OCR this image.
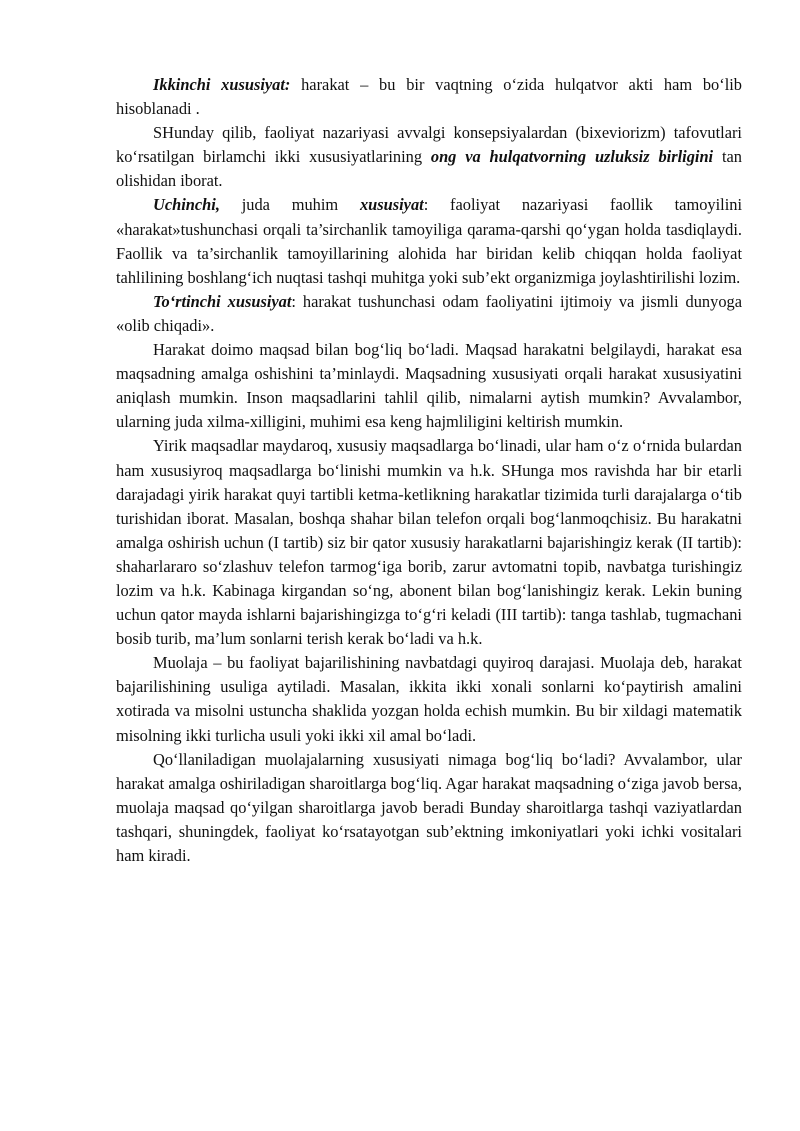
Ikkinchi xususiyat: harakat – bu bir vaqtning o‘zida hulqatvor akti ham bo‘lib hisoblanadi .

SHunday qilib, faoliyat nazariyasi avvalgi konsepsiyalardan (bixeviorizm) tafovutlari ko‘rsatilgan birlamchi ikki xususiyatlarining ong va hulqatvorning uzluksiz birligini tan olishidan iborat.

Uchinchi, juda muhim xususiyat: faoliyat nazariyasi faollik tamoyilini «harakat»tushunchasi orqali ta’sirchanlik tamoyiliga qarama-qarshi qo‘ygan holda tasdiqlaydi. Faollik va ta’sirchanlik tamoyillarining alohida har biridan kelib chiqqan holda faoliyat tahlilining boshlang‘ich nuqtasi tashqi muhitga yoki sub’ekt organizmiga joylashtirilishi lozim.

To‘rtinchi xususiyat: harakat tushunchasi odam faoliyatini ijtimoiy va jismli dunyoga «olib chiqadi».

Harakat doimo maqsad bilan bog‘liq bo‘ladi. Maqsad harakatni belgilaydi, harakat esa maqsadning amalga oshishini ta’minlaydi. Maqsadning xususiyati orqali harakat xususiyatini aniqlash mumkin. Inson maqsadlarini tahlil qilib, nimalarni aytish mumkin? Avvalambor, ularning juda xilma-xilligini, muhimi esa keng hajmliligini keltirish mumkin.

Yirik maqsadlar maydaroq, xususiy maqsadlarga bo‘linadi, ular ham o‘z o‘rnida bulardan ham xususiyroq maqsadlarga bo‘linishi mumkin va h.k. SHunga mos ravishda har bir etarli darajadagi yirik harakat quyi tartibli ketma-ketlikning harakatlar tizimida turli darajalarga o‘tib turishidan iborat. Masalan, boshqa shahar bilan telefon orqali bog‘lanmoqchisiz. Bu harakatni amalga oshirish uchun (I tartib) siz bir qator xususiy harakatlarni bajarishingiz kerak (II tartib): shaharlararo so‘zlashuv telefon tarmog‘iga borib, zarur avtomatni topib, navbatga turishingiz lozim va h.k. Kabinaga kirgandan so‘ng, abonent bilan bog‘lanishingiz kerak. Lekin buning uchun qator mayda ishlarni bajarishingizga to‘g‘ri keladi (III tartib): tanga tashlab, tugmachani bosib turib, ma’lum sonlarni terish kerak bo‘ladi va h.k.

Muolaja – bu faoliyat bajarilishining navbatdagi quyiroq darajasi. Muolaja deb, harakat bajarilishining usuliga aytiladi. Masalan, ikkita ikki xonali sonlarni ko‘paytirish amalini xotirada va misolni ustuncha shaklida yozgan holda echish mumkin. Bu bir xildagi matematik misolning ikki turlicha usuli yoki ikki xil amal bo‘ladi.

Qo‘llaniladigan muolajalarning xususiyati nimaga bog‘liq bo‘ladi? Avvalambor, ular harakat amalga oshiriladigan sharoitlarga bog‘liq. Agar harakat maqsadning o‘ziga javob bersa, muolaja maqsad qo‘yilgan sharoitlarga javob beradi Bunday sharoitlarga tashqi vaziyatlardan tashqari, shuningdek, faoliyat ko‘rsatayotgan sub’ektning imkoniyatlari yoki ichki vositalari ham kiradi.
